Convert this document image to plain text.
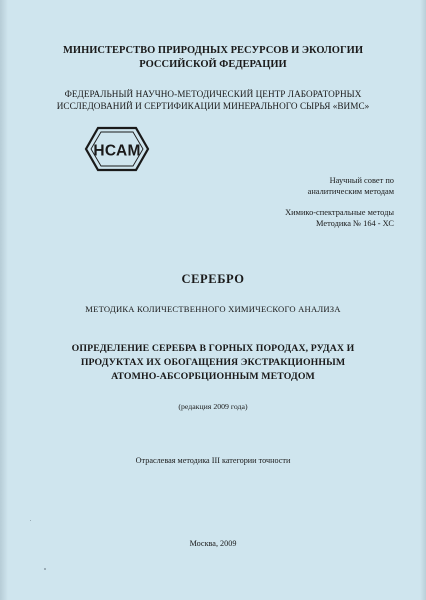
МИНИСТЕРСТВО ПРИРОДНЫХ РЕСУРСОВ И ЭКОЛОГИИ
РОССИЙСКОЙ ФЕДЕРАЦИИ
ФЕДЕРАЛЬНЫЙ НАУЧНО-МЕТОДИЧЕСКИЙ ЦЕНТР ЛАБОРАТОРНЫХ
ИССЛЕДОВАНИЙ И СЕРТИФИКАЦИИ МИНЕРАЛЬНОГО СЫРЬЯ «ВИМС»
НСАМ
Научный совет по
аналитическим методам
Химико-спектральные методы
Методика № 164 - ХС
СЕРЕБРО
МЕТОДИКА КОЛИЧЕСТВЕННОГО ХИМИЧЕСКОГО АНАЛИЗА
ОПРЕДЕЛЕНИЕ СЕРЕБРА В ГОРНЫХ ПОРОДАХ, РУДАХ И
ПРОДУКТАХ ИХ ОБОГАЩЕНИЯ ЭКСТРАКЦИОННЫМ
АТОМНО-АБСОРБЦИОННЫМ МЕТОДОМ
(редакция 2009 года)
Отраслевая методика III категории точности
Москва, 2009
